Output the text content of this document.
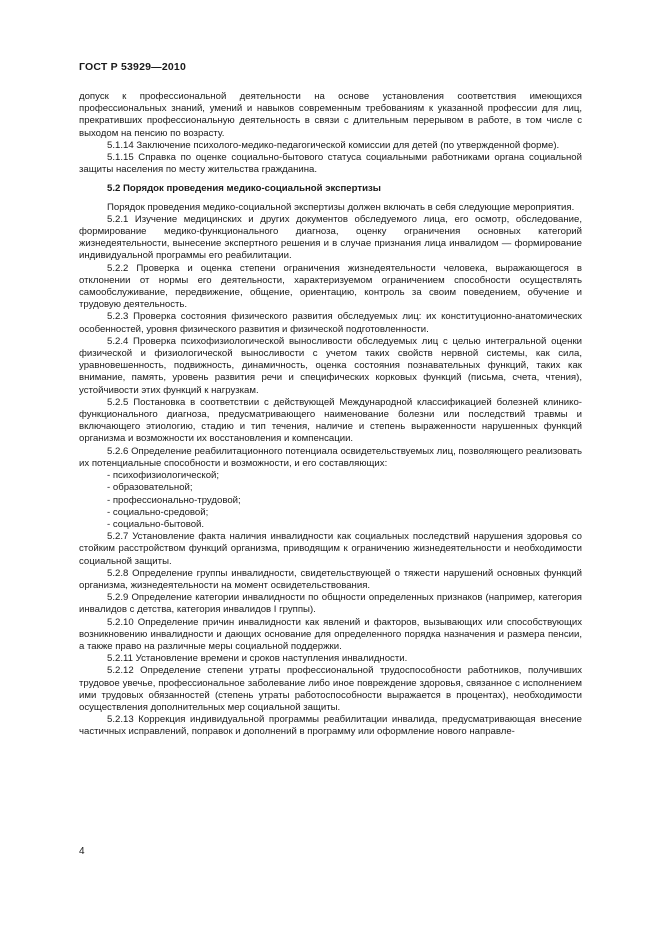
ГОСТ Р 53929—2010

допуск к профессиональной деятельности на основе установления соответствия имеющихся профессиональных знаний, умений и навыков современным требованиям к указанной профессии для лиц, прекративших профессиональную деятельность в связи с длительным перерывом в работе, в том числе с выходом на пенсию по возрасту.

5.1.14 Заключение психолого-медико-педагогической комиссии для детей (по утвержденной форме).

5.1.15 Справка по оценке социально-бытового статуса социальными работниками органа социальной защиты населения по месту жительства гражданина.

5.2 Порядок проведения медико-социальной экспертизы

Порядок проведения медико-социальной экспертизы должен включать в себя следующие мероприятия.

5.2.1 Изучение медицинских и других документов обследуемого лица, его осмотр, обследование, формирование медико-функционального диагноза, оценку ограничения основных категорий жизнедеятельности, вынесение экспертного решения и в случае признания лица инвалидом — формирование индивидуальной программы его реабилитации.

5.2.2 Проверка и оценка степени ограничения жизнедеятельности человека, выражающегося в отклонении от нормы его деятельности, характеризуемом ограничением способности осуществлять самообслуживание, передвижение, общение, ориентацию, контроль за своим поведением, обучение и трудовую деятельность.

5.2.3 Проверка состояния физического развития обследуемых лиц: их конституционно-анатомических особенностей, уровня физического развития и физической подготовленности.

5.2.4 Проверка психофизиологической выносливости обследуемых лиц с целью интегральной оценки физической и физиологической выносливости с учетом таких свойств нервной системы, как сила, уравновешенность, подвижность, динамичность, оценка состояния познавательных функций, таких как внимание, память, уровень развития речи и специфических корковых функций (письма, счета, чтения), устойчивости этих функций к нагрузкам.

5.2.5 Постановка в соответствии с действующей Международной классификацией болезней клинико-функционального диагноза, предусматривающего наименование болезни или последствий травмы и включающего этиологию, стадию и тип течения, наличие и степень выраженности нарушенных функций организма и возможности их восстановления и компенсации.

5.2.6 Определение реабилитационного потенциала освидетельствуемых лиц, позволяющего реализовать их потенциальные способности и возможности, и его составляющих:

- психофизиологической;
- образовательной;
- профессионально-трудовой;
- социально-средовой;
- социально-бытовой.

5.2.7 Установление факта наличия инвалидности как социальных последствий нарушения здоровья со стойким расстройством функций организма, приводящим к ограничению жизнедеятельности и необходимости социальной защиты.

5.2.8 Определение группы инвалидности, свидетельствующей о тяжести нарушений основных функций организма, жизнедеятельности на момент освидетельствования.

5.2.9 Определение категории инвалидности по общности определенных признаков (например, категория инвалидов с детства, категория инвалидов I группы).

5.2.10 Определение причин инвалидности как явлений и факторов, вызывающих или способствующих возникновению инвалидности и дающих основание для определенного порядка назначения и размера пенсии, а также право на различные меры социальной поддержки.

5.2.11 Установление времени и сроков наступления инвалидности.

5.2.12 Определение степени утраты профессиональной трудоспособности работников, получивших трудовое увечье, профессиональное заболевание либо иное повреждение здоровья, связанное с исполнением ими трудовых обязанностей (степень утраты работоспособности выражается в процентах), необходимости осуществления дополнительных мер социальной защиты.

5.2.13 Коррекция индивидуальной программы реабилитации инвалида, предусматривающая внесение частичных исправлений, поправок и дополнений в программу или оформление нового направле-

4
